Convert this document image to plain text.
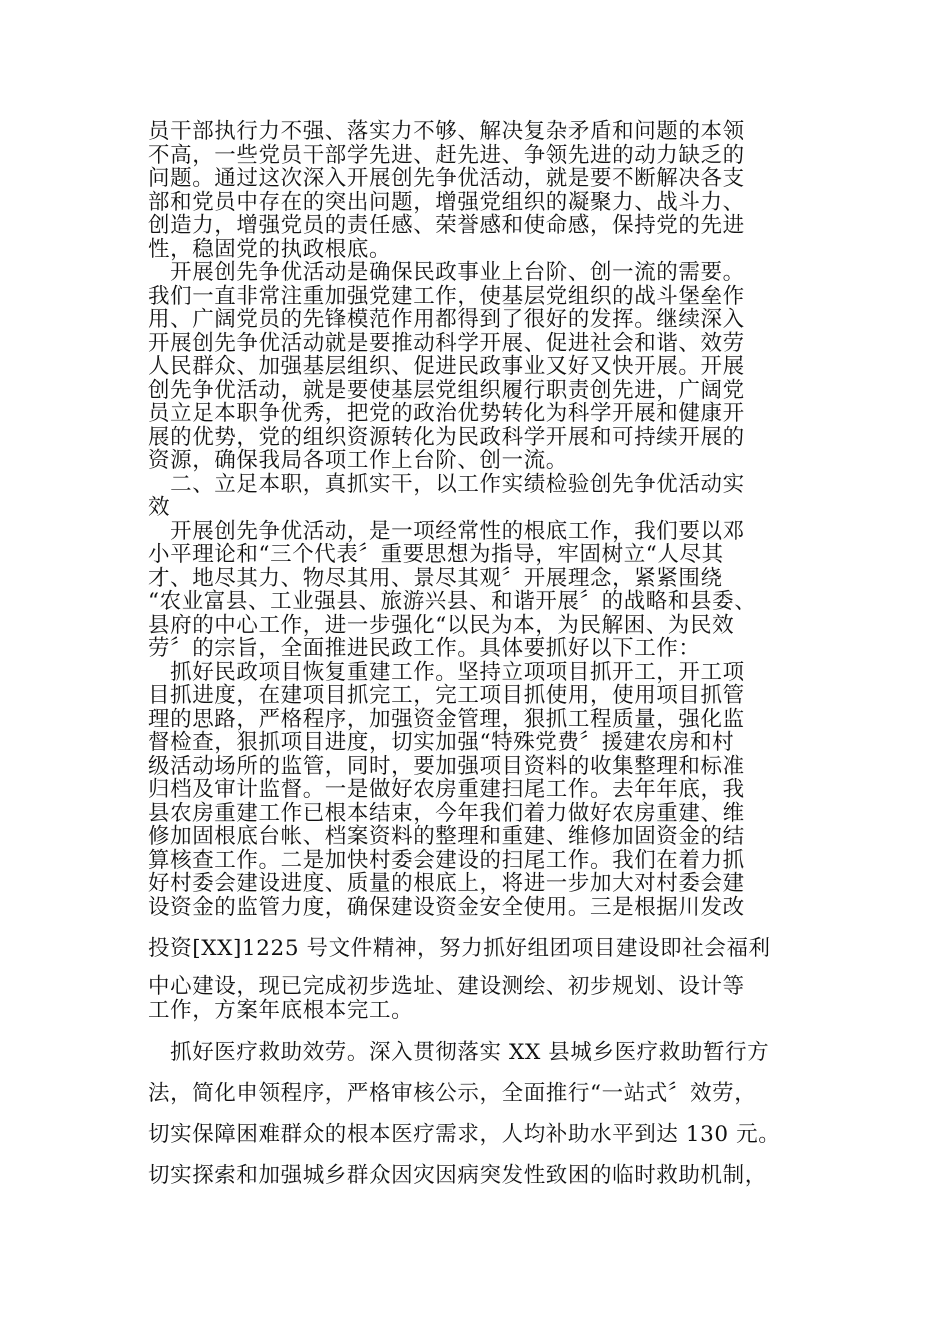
员干部执行力不强、落实力不够、解决复杂矛盾和问题的本领
不高，一些党员干部学先进、赶先进、争领先进的动力缺乏的
问题。通过这次深入开展创先争优活动，就是要不断解决各支
部和党员中存在的突出问题，增强党组织的凝聚力、战斗力、
创造力，增强党员的责任感、荣誉感和使命感，保持党的先进
性，稳固党的执政根底。
　开展创先争优活动是确保民政事业上台阶、创一流的需要。
我们一直非常注重加强党建工作，使基层党组织的战斗堡垒作
用、广阔党员的先锋模范作用都得到了很好的发挥。继续深入
开展创先争优活动就是要推动科学开展、促进社会和谐、效劳
人民群众、加强基层组织、促进民政事业又好又快开展。开展
创先争优活动，就是要使基层党组织履行职责创先进，广阔党
员立足本职争优秀，把党的政治优势转化为科学开展和健康开
展的优势，党的组织资源转化为民政科学开展和可持续开展的
资源，确保我局各项工作上台阶、创一流。
　二、立足本职，真抓实干，以工作实绩检验创先争优活动实
效
　开展创先争优活动，是一项经常性的根底工作，我们要以邓
小平理论和“三个代表〞重要思想为指导，牢固树立“人尽其
才、地尽其力、物尽其用、景尽其观〞开展理念，紧紧围绕
“农业富县、工业强县、旅游兴县、和谐开展〞的战略和县委、
县府的中心工作，进一步强化“以民为本，为民解困、为民效
劳〞的宗旨，全面推进民政工作。具体要抓好以下工作：
　抓好民政项目恢复重建工作。坚持立项项目抓开工，开工项
目抓进度，在建项目抓完工，完工项目抓使用，使用项目抓管
理的思路，严格程序，加强资金管理，狠抓工程质量，强化监
督检查，狠抓项目进度，切实加强“特殊党费〞援建农房和村
级活动场所的监管，同时，要加强项目资料的收集整理和标准
归档及审计监督。一是做好农房重建扫尾工作。去年年底，我
县农房重建工作已根本结束，今年我们着力做好农房重建、维
修加固根底台帐、档案资料的整理和重建、维修加固资金的结
算核查工作。二是加快村委会建设的扫尾工作。我们在着力抓
好村委会建设进度、质量的根底上，将进一步加大对村委会建
设资金的监管力度，确保建设资金安全使用。三是根据川发改
投资[XX]1225 号文件精神，努力抓好组团项目建设即社会福利
中心建设，现已完成初步选址、建设测绘、初步规划、设计等
工作，方案年底根本完工。
　抓好医疗救助效劳。深入贯彻落实 XX 县城乡医疗救助暂行方
法，简化申领程序，严格审核公示，全面推行“一站式〞效劳，
切实保障困难群众的根本医疗需求，人均补助水平到达 130 元。
切实探索和加强城乡群众因灾因病突发性致困的临时救助机制，
